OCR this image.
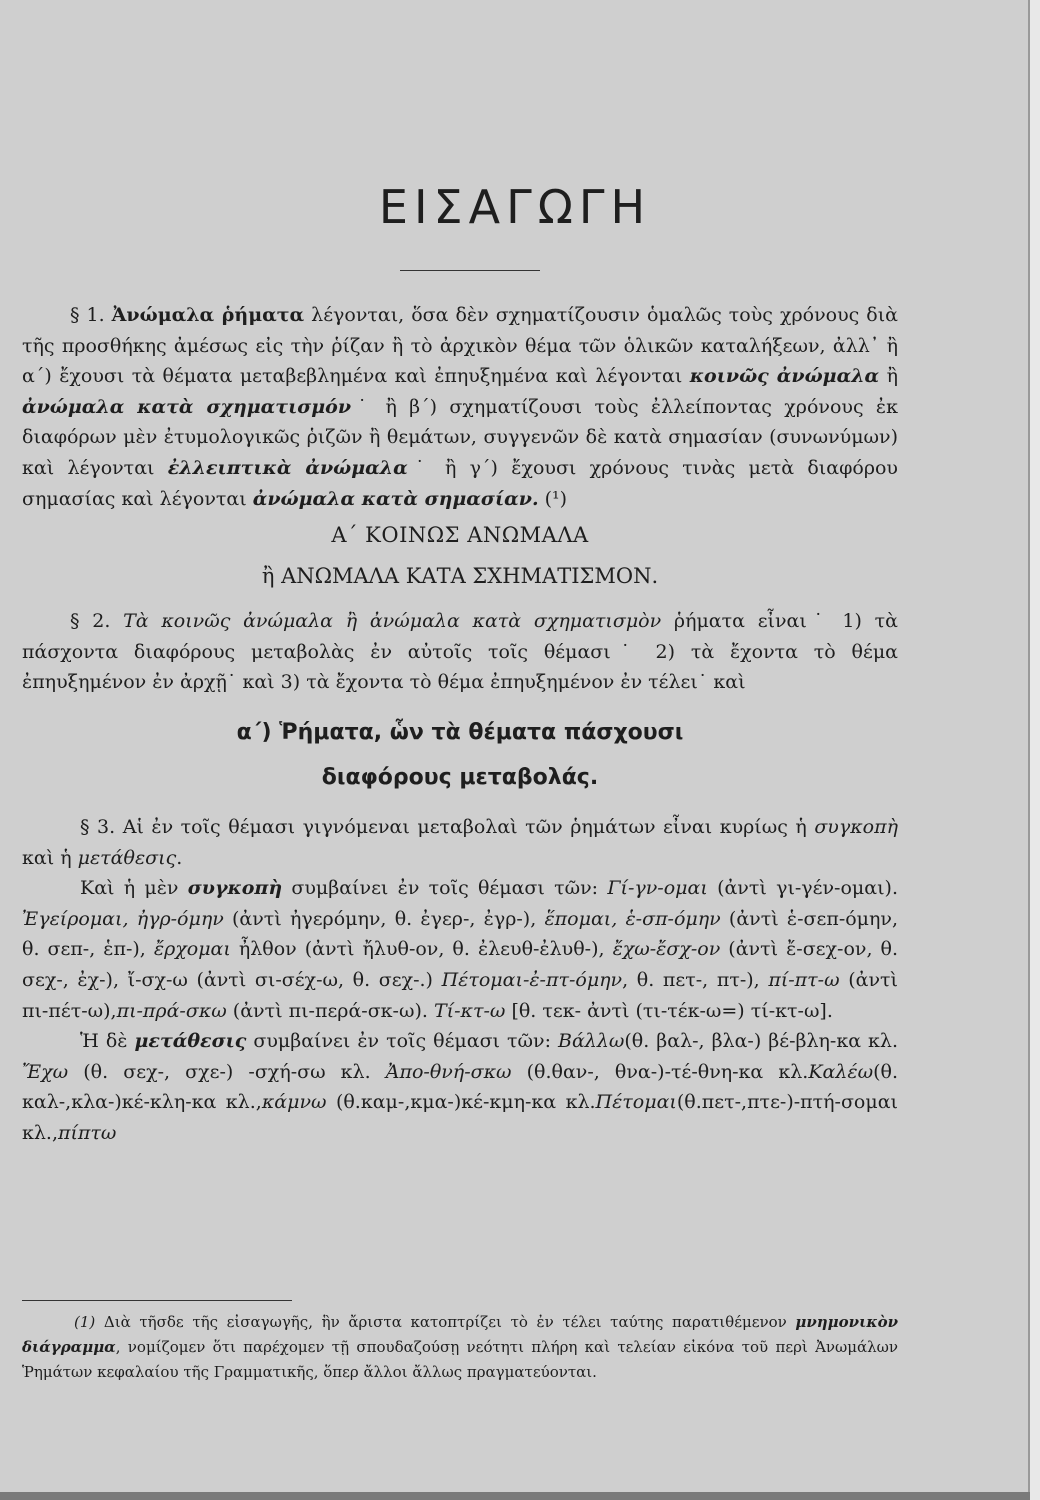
ΕΙΣΑΓΩΓΗ

§ 1. Ἀνώμαλα ῥήματα λέγονται, ὅσα δὲν σχηματίζουσιν ὁμαλῶς τοὺς χρόνους διὰ τῆς προσθήκης ἀμέσως εἰς τὴν ῥίζαν ἢ τὸ ἀρχικὸν θέμα τῶν ὁλικῶν καταλήξεων, ἀλλ᾽ ἢ α΄) ἔχουσι τὰ θέματα μεταβεβλημένα καὶ ἐπηυξημένα καὶ λέγονται κοινῶς ἀνώμαλα ἢ ἀνώμαλα κατὰ σχηματισμόν˙ ἢ β΄) σχηματίζουσι τοὺς ἐλλείποντας χρόνους ἐκ διαφόρων μὲν ἐτυμολογικῶς ῥιζῶν ἢ θεμάτων, συγγενῶν δὲ κατὰ σημασίαν (συνωνύμων) καὶ λέγονται ἐλλειπτικὰ ἀνώμαλα˙ ἢ γ΄) ἔχουσι χρόνους τινὰς μετὰ διαφόρου σημασίας καὶ λέγονται ἀνώμαλα κατὰ σημασίαν. (¹)

Α΄ ΚΟΙΝΩΣ ΑΝΩΜΑΛΑ
ἢ ΑΝΩΜΑΛΑ ΚΑΤΑ ΣΧΗΜΑΤΙΣΜΟΝ.

§ 2. Τὰ κοινῶς ἀνώμαλα ἢ ἀνώμαλα κατὰ σχηματισμὸν ῥήματα εἶναι˙ 1) τὰ πάσχοντα διαφόρους μεταβολὰς ἐν αὐτοῖς τοῖς θέμασι˙ 2) τὰ ἔχοντα τὸ θέμα ἐπηυξημένον ἐν ἀρχῇ˙ καὶ 3) τὰ ἔχοντα τὸ θέμα ἐπηυξημένον ἐν τέλει˙ καὶ

α΄) Ῥήματα, ὧν τὰ θέματα πάσχουσι
διαφόρους μεταβολάς.

§ 3. Αἱ ἐν τοῖς θέμασι γιγνόμεναι μεταβολαὶ τῶν ῥημάτων εἶναι κυρίως ἡ συγκοπὴ καὶ ἡ μετάθεσις.

Καὶ ἡ μὲν συγκοπὴ συμβαίνει ἐν τοῖς θέμασι τῶν: Γί-γν-ομαι (ἀντὶ γι-γέν-ομαι). Ἐγείρομαι, ἠγρ-όμην (ἀντὶ ἠγερόμην, θ. ἐγερ-, ἐγρ-), ἕπομαι, ἑ-σπ-όμην (ἀντὶ ἑ-σεπ-όμην, θ. σεπ-, ἑπ-), ἔρχομαι ἦλθον (ἀντὶ ἤλυθ-ον, θ. ἐλευθ-ἐλυθ-), ἔχω-ἔσχ-ον (ἀντὶ ἔ-σεχ-ον, θ. σεχ-, ἐχ-), ἴ-σχ-ω (ἀντὶ σι-σέχ-ω, θ. σεχ-.) Πέτομαι-ἐ-πτ-όμην, θ. πετ-, πτ-), πί-πτ-ω (ἀντὶ πι-πέτ-ω),πι-πρά-σκω (ἀντὶ πι-περά-σκ-ω). Τί-κτ-ω [θ. τεκ- ἀντὶ (τι-τέκ-ω=) τί-κτ-ω].

Ἡ δὲ μετάθεσις συμβαίνει ἐν τοῖς θέμασι τῶν: Βάλλω(θ. βαλ-, βλα-) βέ-βλη-κα κλ. Ἔχω (θ. σεχ-, σχε-) -σχή-σω κλ. Ἀπο-θνή-σκω (θ.θαν-, θνα-)-τέ-θνη-κα κλ.Καλέω(θ. καλ-,κλα-)κέ-κλη-κα κλ.,κάμνω (θ.καμ-,κμα-)κέ-κμη-κα κλ.Πέτομαι(θ.πετ-,πτε-)-πτή-σομαι κλ.,πίπτω

(1) Διὰ τῆσδε τῆς εἰσαγωγῆς, ἣν ἄριστα κατοπτρίζει τὸ ἐν τέλει ταύτης παρατιθέμενον μνημονικὸν διάγραμμα, νομίζομεν ὅτι παρέχομεν τῇ σπουδαζούσῃ νεότητι πλήρη καὶ τελείαν εἰκόνα τοῦ περὶ Ἀνωμάλων Ῥημάτων κεφαλαίου τῆς Γραμματικῆς, ὅπερ ἄλλοι ἄλλως πραγματεύονται.
